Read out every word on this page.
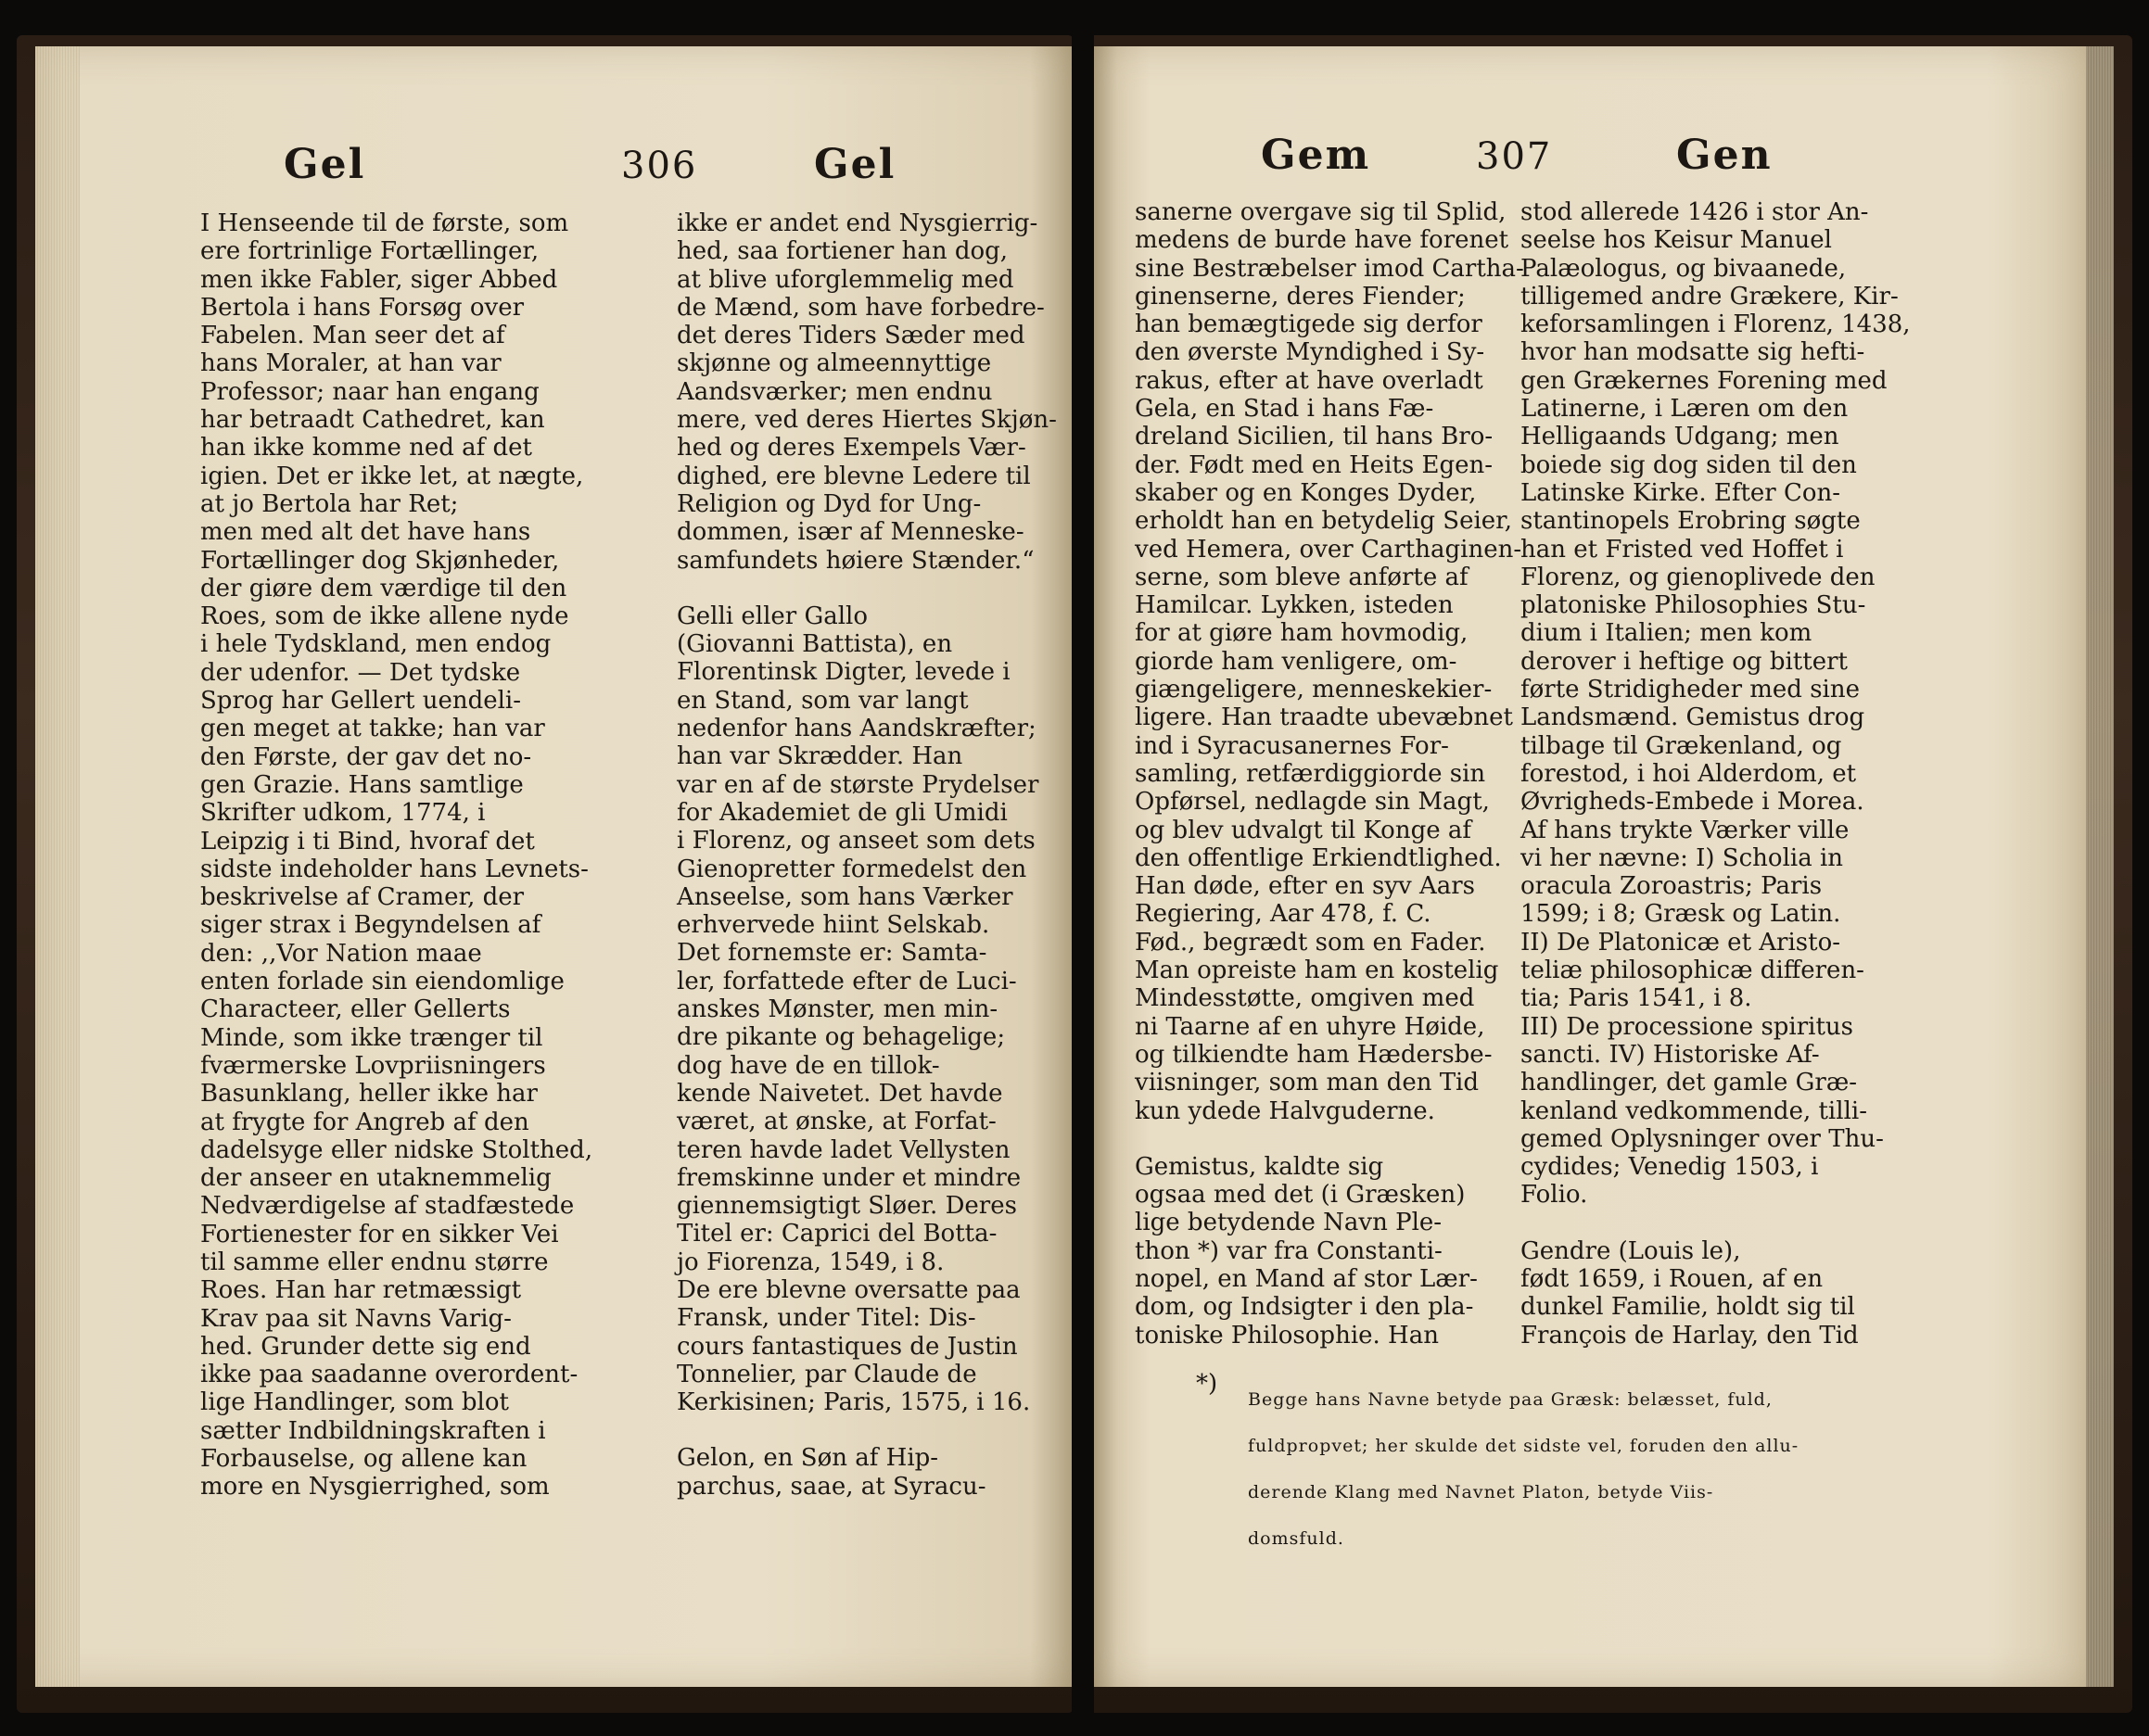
Gel	306	Gel

I Henseende til de første, som

ere fortrinlige Fortællinger,

men ikke Fabler, siger Abbed

Bertola i hans Forsøg over

Fabelen. Man seer det af

hans Moraler, at han var

Professor; naar han engang

har betraadt Cathedret, kan

han ikke komme ned af det

igien. Det er ikke let, at nægte,

at jo Bertola har Ret;

men med alt det have hans

Fortællinger dog Skjønheder,

der giøre dem værdige til den

Roes, som de ikke allene nyde

i hele Tydskland, men endog

der udenfor. — Det tydske

Sprog har Gellert uendeli-

gen meget at takke; han var

den Første, der gav det no-

gen Grazie. Hans samtlige

Skrifter udkom, 1774, i

Leipzig i ti Bind, hvoraf det

sidste indeholder hans Levnets-

beskrivelse af Cramer, der

siger strax i Begyndelsen af

den: ,,Vor Nation maae

enten forlade sin eiendomlige

Characteer, eller Gellerts

Minde, som ikke trænger til

fværmerske Lovpriisningers

Basunklang, heller ikke har

at frygte for Angreb af den

dadelsyge eller nidske Stolthed,

der anseer en utaknemmelig

Nedværdigelse af stadfæstede

Fortienester for en sikker Vei

til samme eller endnu større

Roes. Han har retmæssigt

Krav paa sit Navns Varig-

hed. Grunder dette sig end

ikke paa saadanne overordent-

lige Handlinger, som blot

sætter Indbildningskraften i

Forbauselse, og allene kan

more en Nysgierrighed, som

ikke er andet end Nysgierrig-

hed, saa fortiener han dog,

at blive uforglemmelig med

de Mænd, som have forbedre-

det deres Tiders Sæder med

skjønne og almeennyttige

Aandsværker; men endnu

mere, ved deres Hiertes Skjøn-

hed og deres Exempels Vær-

dighed, ere blevne Ledere til

Religion og Dyd for Ung-

dommen, især af Menneske-

samfundets høiere Stænder.“

Gelli eller Gallo

(Giovanni Battista), en

Florentinsk Digter, levede i

en Stand, som var langt

nedenfor hans Aandskræfter;

han var Skrædder. Han

var en af de største Prydelser

for Akademiet de gli Umidi

i Florenz, og anseet som dets

Gienopretter formedelst den

Anseelse, som hans Værker

erhvervede hiint Selskab.

Det fornemste er: Samta-

ler, forfattede efter de Luci-

anskes Mønster, men min-

dre pikante og behagelige;

dog have de en tillok-

kende Naivetet. Det havde

været, at ønske, at Forfat-

teren havde ladet Vellysten

fremskinne under et mindre

giennemsigtigt Sløer. Deres

Titel er: Caprici del Botta-

jo Fiorenza, 1549, i 8.

De ere blevne oversatte paa

Fransk, under Titel: Dis-

cours fantastiques de Justin

Tonnelier, par Claude de

Kerkisinen; Paris, 1575, i 16.

Gelon, en Søn af Hip-

parchus, saae, at Syracu-

Gem	307	Gen

sanerne overgave sig til Splid,

medens de burde have forenet

sine Bestræbelser imod Cartha-

ginenserne, deres Fiender;

han bemægtigede sig derfor

den øverste Myndighed i Sy-

rakus, efter at have overladt

Gela, en Stad i hans Fæ-

dreland Sicilien, til hans Bro-

der. Født med en Heits Egen-

skaber og en Konges Dyder,

erholdt han en betydelig Seier,

ved Hemera, over Carthaginen-

serne, som bleve anførte af

Hamilcar. Lykken, isteden

for at giøre ham hovmodig,

giorde ham venligere, om-

giængeligere, menneskekier-

ligere. Han traadte ubevæbnet

ind i Syracusanernes For-

samling, retfærdiggiorde sin

Opførsel, nedlagde sin Magt,

og blev udvalgt til Konge af

den offentlige Erkiendtlighed.

Han døde, efter en syv Aars

Regiering, Aar 478, f. C.

Fød., begrædt som en Fader.

Man opreiste ham en kostelig

Mindesstøtte, omgiven med

ni Taarne af en uhyre Høide,

og tilkiendte ham Hædersbe-

viisninger, som man den Tid

kun ydede Halvguderne.

Gemistus, kaldte sig

ogsaa med det (i Græsken)

lige betydende Navn Ple-

thon *) var fra Constanti-

nopel, en Mand af stor Lær-

dom, og Indsigter i den pla-

toniske Philosophie. Han

stod allerede 1426 i stor An-

seelse hos Keisur Manuel

Palæologus, og bivaanede,

tilligemed andre Grækere, Kir-

keforsamlingen i Florenz, 1438,

hvor han modsatte sig hefti-

gen Grækernes Forening med

Latinerne, i Læren om den

Helligaands Udgang; men

boiede sig dog siden til den

Latinske Kirke. Efter Con-

stantinopels Erobring søgte

han et Fristed ved Hoffet i

Florenz, og gienoplivede den

platoniske Philosophies Stu-

dium i Italien; men kom

derover i heftige og bittert

førte Stridigheder med sine

Landsmænd. Gemistus drog

tilbage til Grækenland, og

forestod, i hoi Alderdom, et

Øvrigheds-Embede i Morea.

Af hans trykte Værker ville

vi her nævne: I) Scholia in

oracula Zoroastris; Paris

1599; i 8; Græsk og Latin.

II) De Platonicæ et Aristo-

teliæ philosophicæ differen-

tia; Paris 1541, i 8.

III) De processione spiritus

sancti. IV) Historiske Af-

handlinger, det gamle Græ-

kenland vedkommende, tilli-

gemed Oplysninger over Thu-

cydides; Venedig 1503, i

Folio.

Gendre (Louis le),

født 1659, i Rouen, af en

dunkel Familie, holdt sig til

François de Harlay, den Tid

*)

Begge hans Navne betyde paa Græsk: belæsset, fuld,

fuldpropvet; her skulde det sidste vel, foruden den allu-

derende Klang med Navnet Platon, betyde Viis-

domsfuld.
